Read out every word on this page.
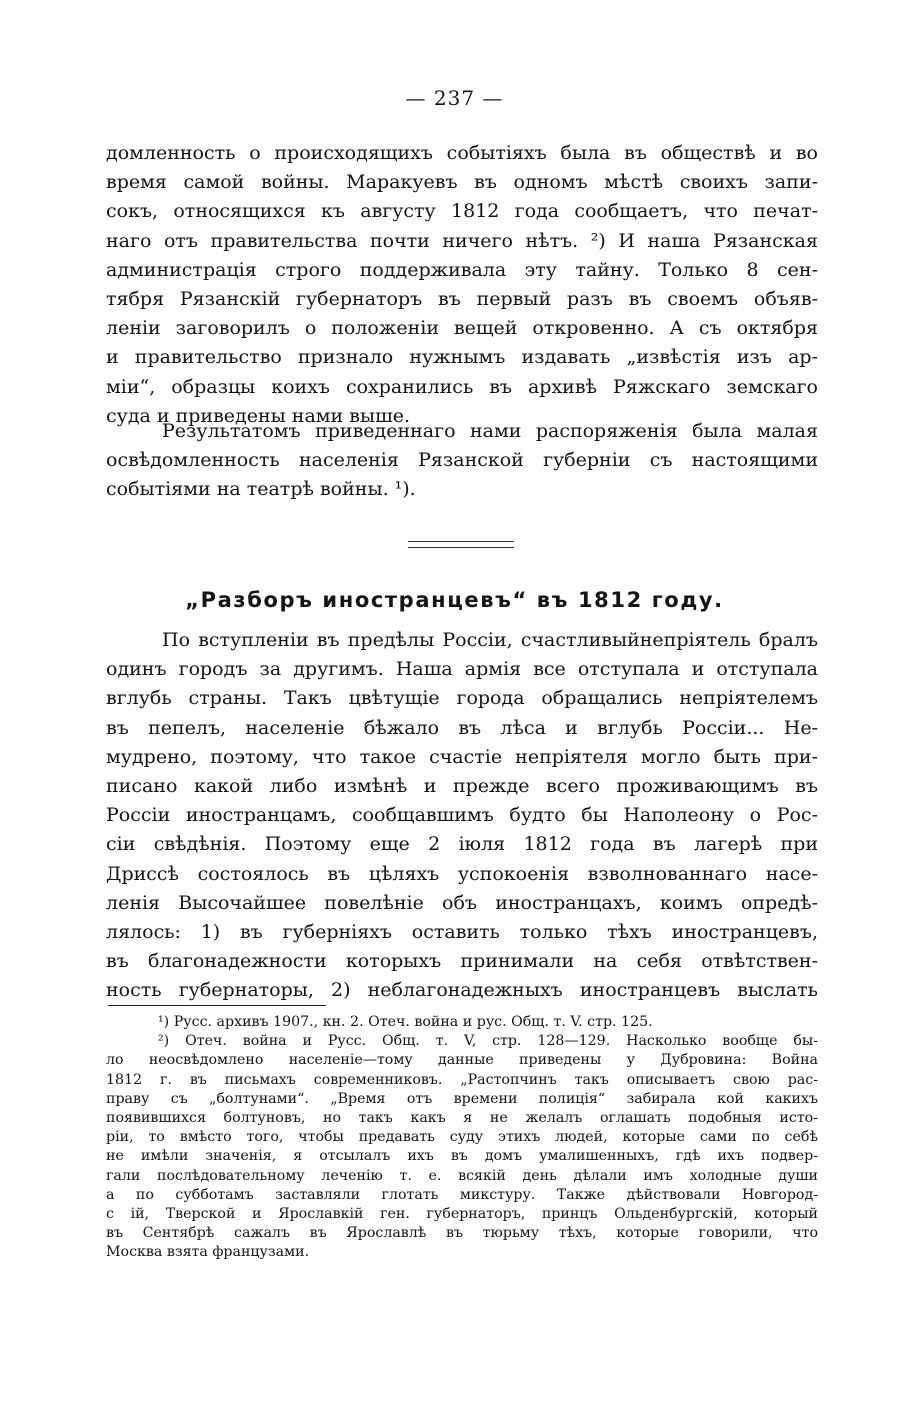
— 237 —
домленность о происходящихъ событіяхъ была въ обществѣ и во
время самой войны. Маракуевъ въ одномъ мѣстѣ своихъ запи-
сокъ, относящихся къ августу 1812 года сообщаетъ, что печат-
наго отъ правительства почти ничего нѣтъ. ²) И наша Рязанская
администрація строго поддерживала эту тайну. Только 8 сен-
тября Рязанскій губернаторъ въ первый разъ въ своемъ объяв-
леніи заговорилъ о положеніи вещей откровенно. А съ октября
и правительство признало нужнымъ издавать „извѣстія изъ ар-
міи“, образцы коихъ сохранились въ архивѣ Ряжскаго земскаго
суда и приведены нами выше.
Результатомъ приведеннаго нами распоряженія была малая
освѣдомленность населенія Рязанской губерніи съ настоящими
событіями на театрѣ войны. ¹).
„Разборъ иностранцевъ“ въ 1812 году.
По вступленіи въ предѣлы Россіи, счастливыйнепріятель бралъ
одинъ городъ за другимъ. Наша армія все отступала и отступала
вглубь страны. Такъ цвѣтущіе города обращались непріятелемъ
въ пепелъ, населеніе бѣжало въ лѣса и вглубь Россіи... Не-
мудрено, поэтому, что такое счастіе непріятеля могло быть при-
писано какой либо измѣнѣ и прежде всего проживающимъ въ
Россіи иностранцамъ, сообщавшимъ будто бы Наполеону о Рос-
сіи свѣдѣнія. Поэтому еще 2 іюля 1812 года въ лагерѣ при
Дриссѣ состоялось въ цѣляхъ успокоенія взволнованнаго насе-
ленія Высочайшее повелѣніе объ иностранцахъ, коимъ опредѣ-
лялось: 1) въ губерніяхъ оставить только тѣхъ иностранцевъ,
въ благонадежности которыхъ принимали на себя отвѣтствен-
ность губернаторы, 2) неблагонадежныхъ иностранцевъ выслать
¹) Русс. архивъ 1907., кн. 2. Отеч. война и рус. Общ. т. V. стр. 125.
²) Отеч. война и Русс. Общ. т. V, стр. 128—129. Насколько вообще бы-
ло неосвѣдомлено населеніе—тому данные приведены у Дубровина: Война
1812 г. въ письмахъ современниковъ. „Растопчинъ такъ описываетъ свою рас-
праву съ „болтунами“. „Время отъ времени полиція“ забирала кой какихъ
появившихся болтуновъ, но такъ какъ я не желалъ оглашать подобныя исто-
ріи, то вмѣсто того, чтобы предавать суду этихъ людей, которые сами по себѣ
не имѣли значенія, я отсылалъ ихъ въ домъ умалишенныхъ, гдѣ ихъ подвер-
гали послѣдовательному леченію т. е. всякій день дѣлали имъ холодные души
а по субботамъ заставляли глотать микстуру. Также дѣйствовали Новгород-
с ій, Тверской и Ярославкій ген. губернаторъ, принцъ Ольденбургскій, который
въ Сентябрѣ сажалъ въ Ярославлѣ въ тюрьму тѣхъ, которые говорили, что
Москва взята французами.
